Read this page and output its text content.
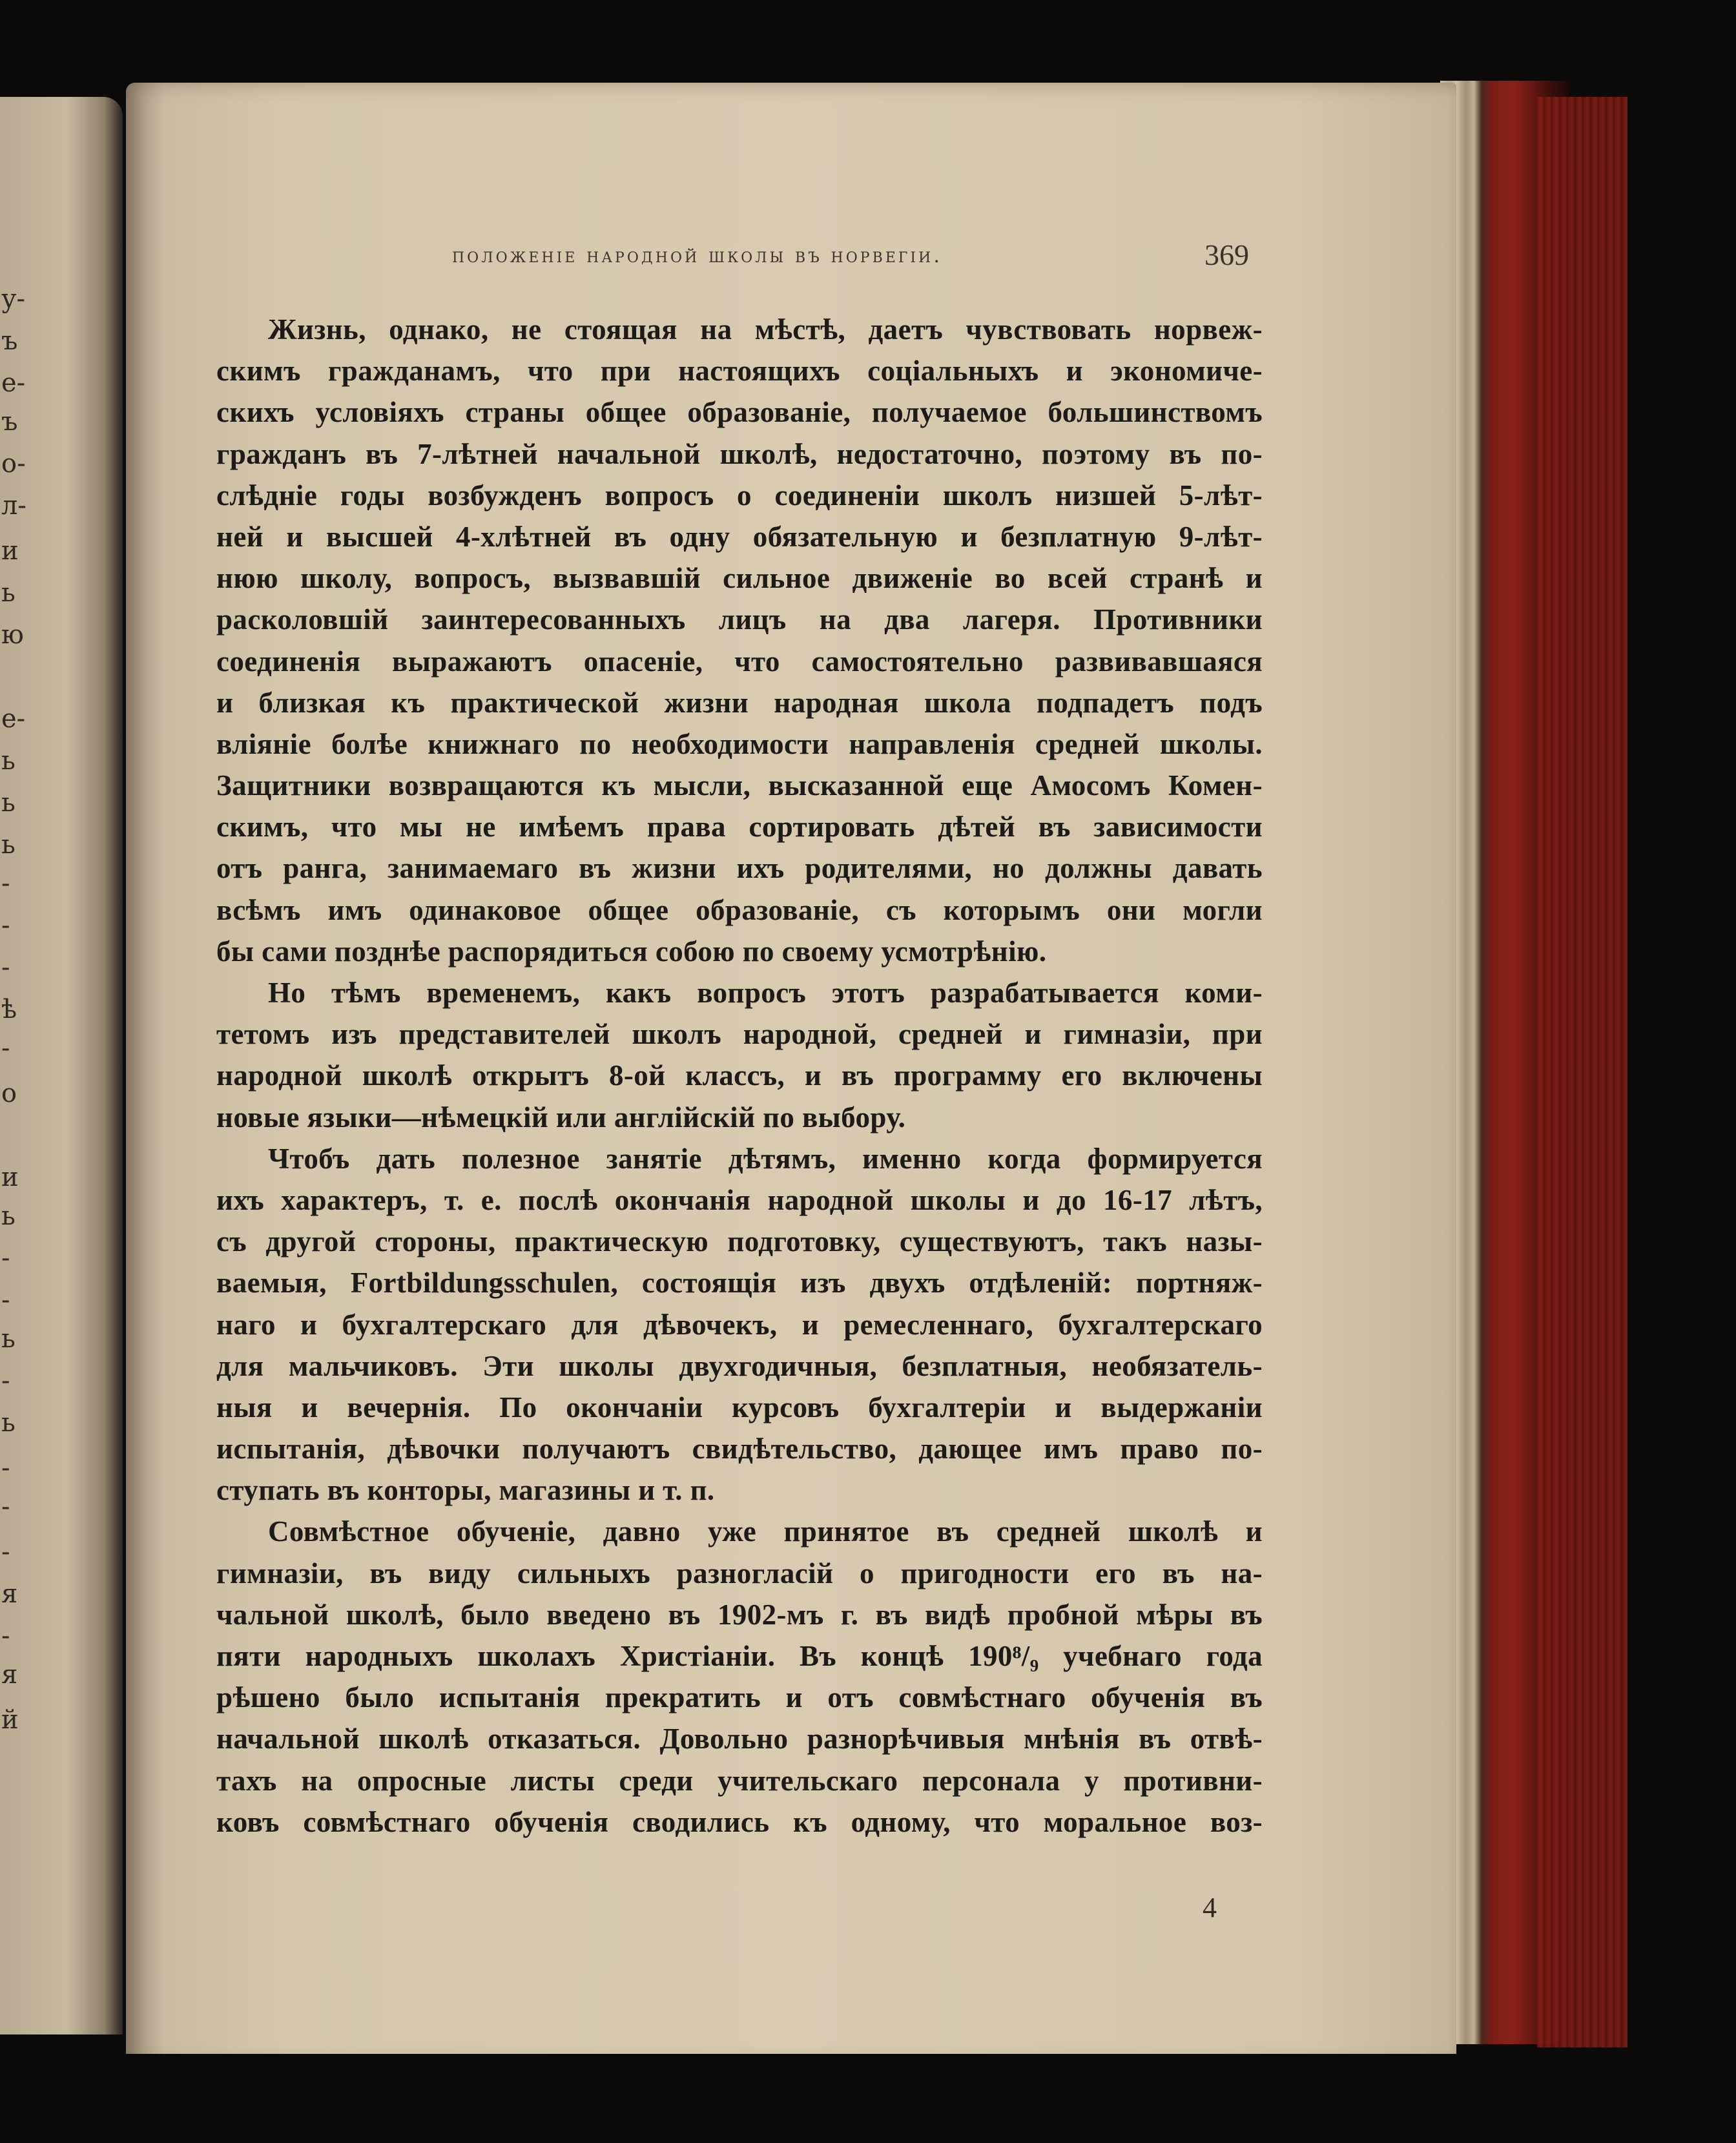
у-
ъ
е-
ъ
о-
л-
и
ь
ю
е-
ь
ь
ь
-
-
-
ѣ
-
о
и
ь
-
-
ь
-
ь
-
-
-
я
-
я
й
положеніе народной школы въ норвегіи.	369
Жизнь, однако, не стоящая на мѣстѣ, даетъ чувствовать норвеж-
скимъ гражданамъ, что при настоящихъ соціальныхъ и экономиче-
скихъ условіяхъ страны общее образованіе, получаемое большинствомъ
гражданъ въ 7-лѣтней начальной школѣ, недостаточно, поэтому въ по-
слѣдніе годы возбужденъ вопросъ о соединеніи школъ низшей 5-лѣт-
ней и высшей 4-хлѣтней въ одну обязательную и безплатную 9-лѣт-
нюю школу, вопросъ, вызвавшій сильное движеніе во всей странѣ и
расколовшій заинтересованныхъ лицъ на два лагеря. Противники
соединенія выражаютъ опасеніе, что самостоятельно развивавшаяся
и близкая къ практической жизни народная школа подпадетъ подъ
вліяніе болѣе книжнаго по необходимости направленія средней школы.
Защитники возвращаются къ мысли, высказанной еще Амосомъ Комен-
скимъ, что мы не имѣемъ права сортировать дѣтей въ зависимости
отъ ранга, занимаемаго въ жизни ихъ родителями, но должны давать
всѣмъ имъ одинаковое общее образованіе, съ которымъ они могли
бы сами позднѣе распорядиться собою по своему усмотрѣнію.
Но тѣмъ временемъ, какъ вопросъ этотъ разрабатывается коми-
тетомъ изъ представителей школъ народной, средней и гимназіи, при
народной школѣ открытъ 8-ой классъ, и въ программу его включены
новые языки—нѣмецкій или англійскій по выбору.
Чтобъ дать полезное занятіе дѣтямъ, именно когда формируется
ихъ характеръ, т. е. послѣ окончанія народной школы и до 16-17 лѣтъ,
съ другой стороны, практическую подготовку, существуютъ, такъ назы-
ваемыя, Fortbildungsschulen, состоящія изъ двухъ отдѣленій: портняж-
наго и бухгалтерскаго для дѣвочекъ, и ремесленнаго, бухгалтерскаго
для мальчиковъ. Эти школы двухгодичныя, безплатныя, необязатель-
ныя и вечернія. По окончаніи курсовъ бухгалтеріи и выдержаніи
испытанія, дѣвочки получаютъ свидѣтельство, дающее имъ право по-
ступать въ конторы, магазины и т. п.
Совмѣстное обученіе, давно уже принятое въ средней школѣ и
гимназіи, въ виду сильныхъ разногласій о пригодности его въ на-
чальной школѣ, было введено въ 1902-мъ г. въ видѣ пробной мѣры въ
пяти народныхъ школахъ Христіаніи. Въ концѣ 190⁸/₉ учебнаго года
рѣшено было испытанія прекратить и отъ совмѣстнаго обученія въ
начальной школѣ отказаться. Довольно разнорѣчивыя мнѣнія въ отвѣ-
тахъ на опросные листы среди учительскаго персонала у противни-
ковъ совмѣстнаго обученія сводились къ одному, что моральное воз-
4
